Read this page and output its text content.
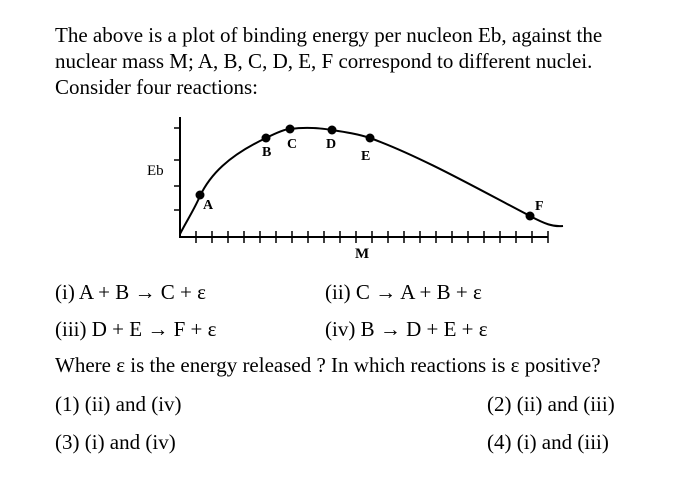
The above is a plot of binding energy per nucleon Eb, against the

nuclear mass M; A, B, C, D, E, F correspond to different nuclei.

Consider four reactions:

A
B
C D
E
F
Eb
M
(i) A + B → C + ε	(ii) C → A + B + ε
(iii) D + E → F + ε	(iv) B → D + E + ε
Where ε is the energy released ? In which reactions is ε positive?
(1) (ii) and (iv)	(2) (ii) and (iii)
(3) (i) and (iv)	(4) (i) and (iii)
